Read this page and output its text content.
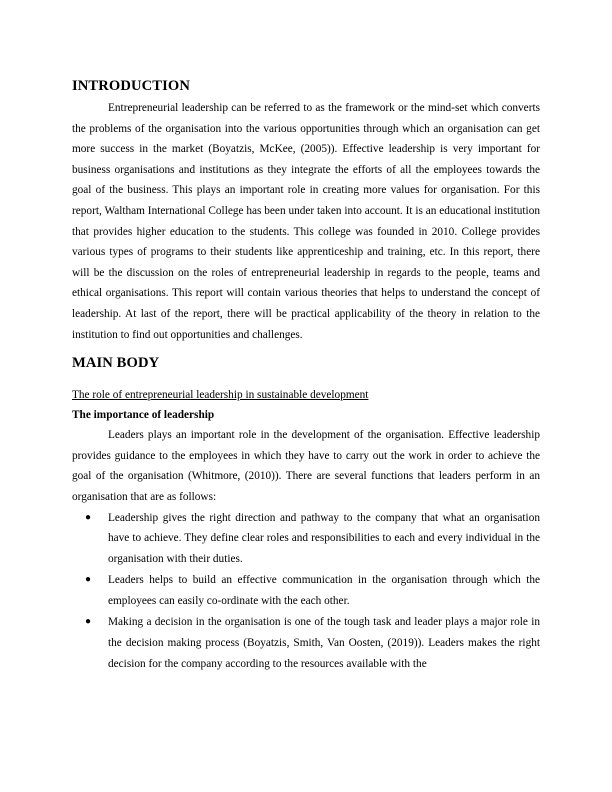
INTRODUCTION

Entrepreneurial leadership can be referred to as the framework or the mind-set which converts the problems of the organisation into the various opportunities through which an organisation can get more success in the market (Boyatzis, McKee, (2005)). Effective leadership is very important for business organisations and institutions as they integrate the efforts of all the employees towards the goal of the business. This plays an important role in creating more values for organisation. For this report, Waltham International College has been under taken into account. It is an educational institution that provides higher education to the students. This college was founded in 2010. College provides various types of programs to their students like apprenticeship and training, etc. In this report, there will be the discussion on the roles of entrepreneurial leadership in regards to the people, teams and ethical organisations. This report will contain various theories that helps to understand the concept of leadership. At last of the report, there will be practical applicability of the theory in relation to the institution to find out opportunities and challenges.

MAIN BODY

The role of entrepreneurial leadership in sustainable development

The importance of leadership

Leaders plays an important role in the development of the organisation. Effective leadership provides guidance to the employees in which they have to carry out the work in order to achieve the goal of the organisation (Whitmore, (2010)). There are several functions that leaders perform in an organisation that are as follows:

● Leadership gives the right direction and pathway to the company that what an organisation have to achieve. They define clear roles and responsibilities to each and every individual in the organisation with their duties.
● Leaders helps to build an effective communication in the organisation through which the employees can easily co-ordinate with the each other.
● Making a decision in the organisation is one of the tough task and leader plays a major role in the decision making process (Boyatzis, Smith, Van Oosten, (2019)). Leaders makes the right decision for the company according to the resources available with the
